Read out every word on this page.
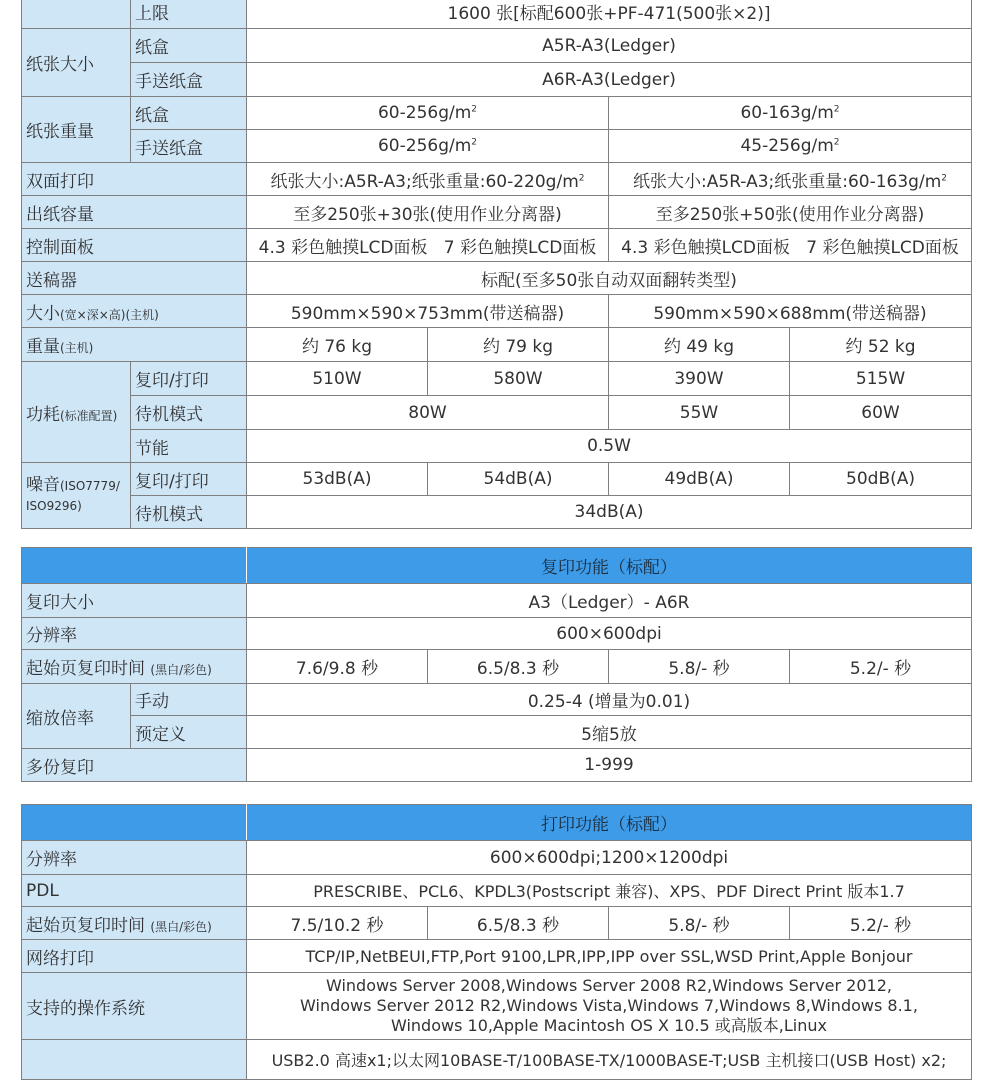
	上限	1600 张[标配600张+PF-471(500张×2)]			
纸张大小	纸盒	A5R-A3(Ledger)			
	手送纸盒	A6R-A3(Ledger)			
纸张重量	纸盒	$60-256g/m^2$		$60-163g/m^2$
	手送纸盒	$60-256g/m^2$		$45-256g/m^2$
双面打印		纸张大小:A5R-A3;纸张重量$:60-220g/m^2$		纸张大小:A5R-A3;纸张重量$:60-163g/m^2$
出纸容量		至多250张+30张(使用作业分离器)		至多250张+50张(使用作业分离器)	
控制面板		4.3 彩色触摸LCD面板 7 彩色触摸LCD面板		4.3 彩色触摸LCD面板 7 彩色触摸LCD面板	
送稿器		标配(至多50张自动双面翻转类型)			
大小(宽×深×高)(主机)		590mm×590×753mm(带送稿器)		590mm×590×688mm(带送稿器)	
重量(主机)		约 76 kg	约 79 kg	约 49 kg	约 52 kg
功耗(标准配置)	复印/打印	510W	580W	390W	515W
	待机模式	80W		55W	60W
	节能	0.5W			
噪音(ISO7779/
ISO9296)	复印/打印	53dB(A)	54dB(A)	49dB(A)	50dB(A)
	待机模式	34dB(A)			
		复印功能（标配）			
复印大小		A3（Ledger）- A6R			
分辨率		600×600dpi			
起始页复印时间 (黑白/彩色)		7.6/9.8 秒	6.5/8.3 秒	5.8/- 秒	5.2/- 秒
缩放倍率	手动	0.25-4 (增量为0.01)			
	预定义	5缩5放			
多份复印		1-999			
	打印功能（标配）			
分辨率	600×600dpi;1200×1200dpi			
PDL	PRESCRIBE、PCL6、KPDL3(Postscript 兼容)、XPS、PDF Direct Print 版本1.7			
起始页复印时间 (黑白/彩色)	7.5/10.2 秒	6.5/8.3 秒	5.8/- 秒	5.2/- 秒
网络打印	TCP/IP,NetBEUI,FTP,Port 9100,LPR,IPP,IPP over SSL,WSD Print,Apple Bonjour			
支持的操作系统	Windows Server 2008,Windows Server 2008 R2,Windows Server 2012,
Windows Server 2012 R2,Windows Vista,Windows 7,Windows 8,Windows 8.1,
Windows 10,Apple Macintosh OS X 10.5 或高版本,Linux			
	USB2.0 高速x1;以太网10BASE-T/100BASE-TX/1000BASE-T;USB 主机接口(USB Host) x2;			
